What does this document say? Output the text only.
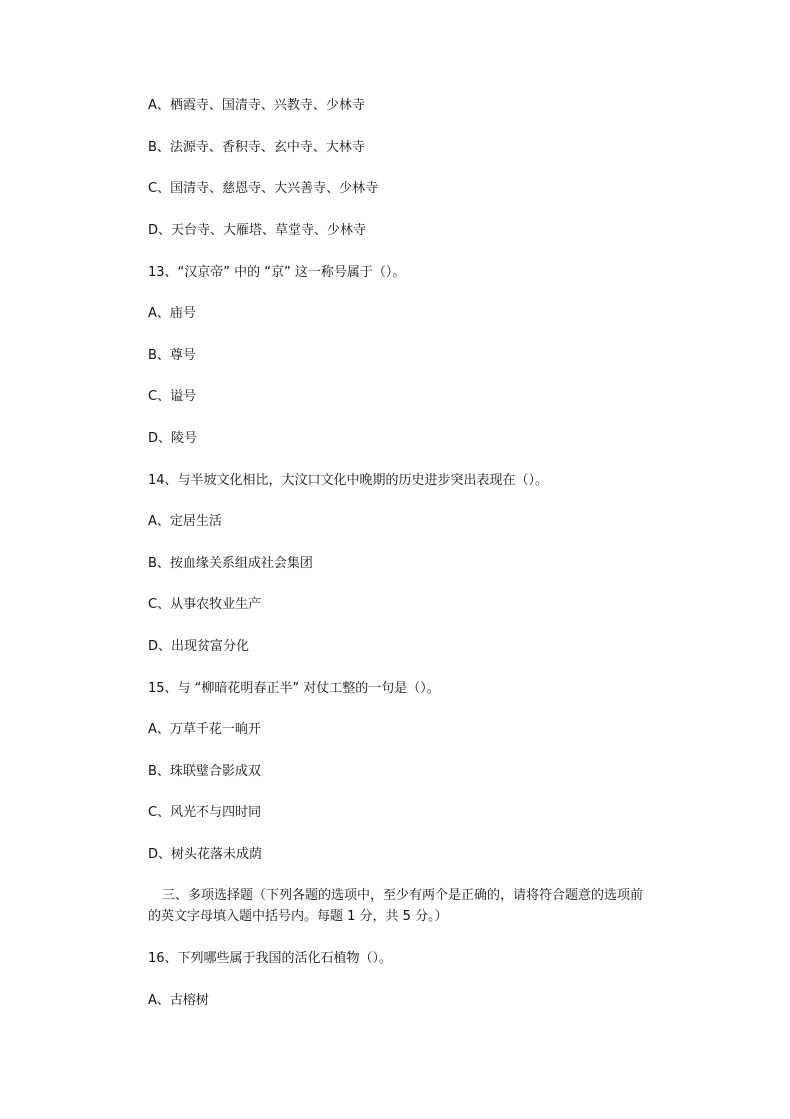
A、栖霞寺、国清寺、兴教寺、少林寺
B、法源寺、香积寺、玄中寺、大林寺
C、国清寺、慈恩寺、大兴善寺、少林寺
D、天台寺、大雁塔、草堂寺、少林寺
13、“汉京帝” 中的 “京” 这一称号属于（）。
A、庙号
B、尊号
C、谥号
D、陵号
14、与半坡文化相比，大汶口文化中晚期的历史进步突出表现在（）。
A、定居生活
B、按血缘关系组成社会集团
C、从事农牧业生产
D、出现贫富分化
15、与 “柳暗花明春正半” 对仗工整的一句是（）。
A、万草千花一晌开
B、珠联璧合影成双
C、风光不与四时同
D、树头花落未成荫
三、多项选择题（下列各题的选项中，至少有两个是正确的，请将符合题意的选项前
的英文字母填入题中括号内。每题 1 分，共 5 分。）
16、下列哪些属于我国的活化石植物（）。
A、古榕树
